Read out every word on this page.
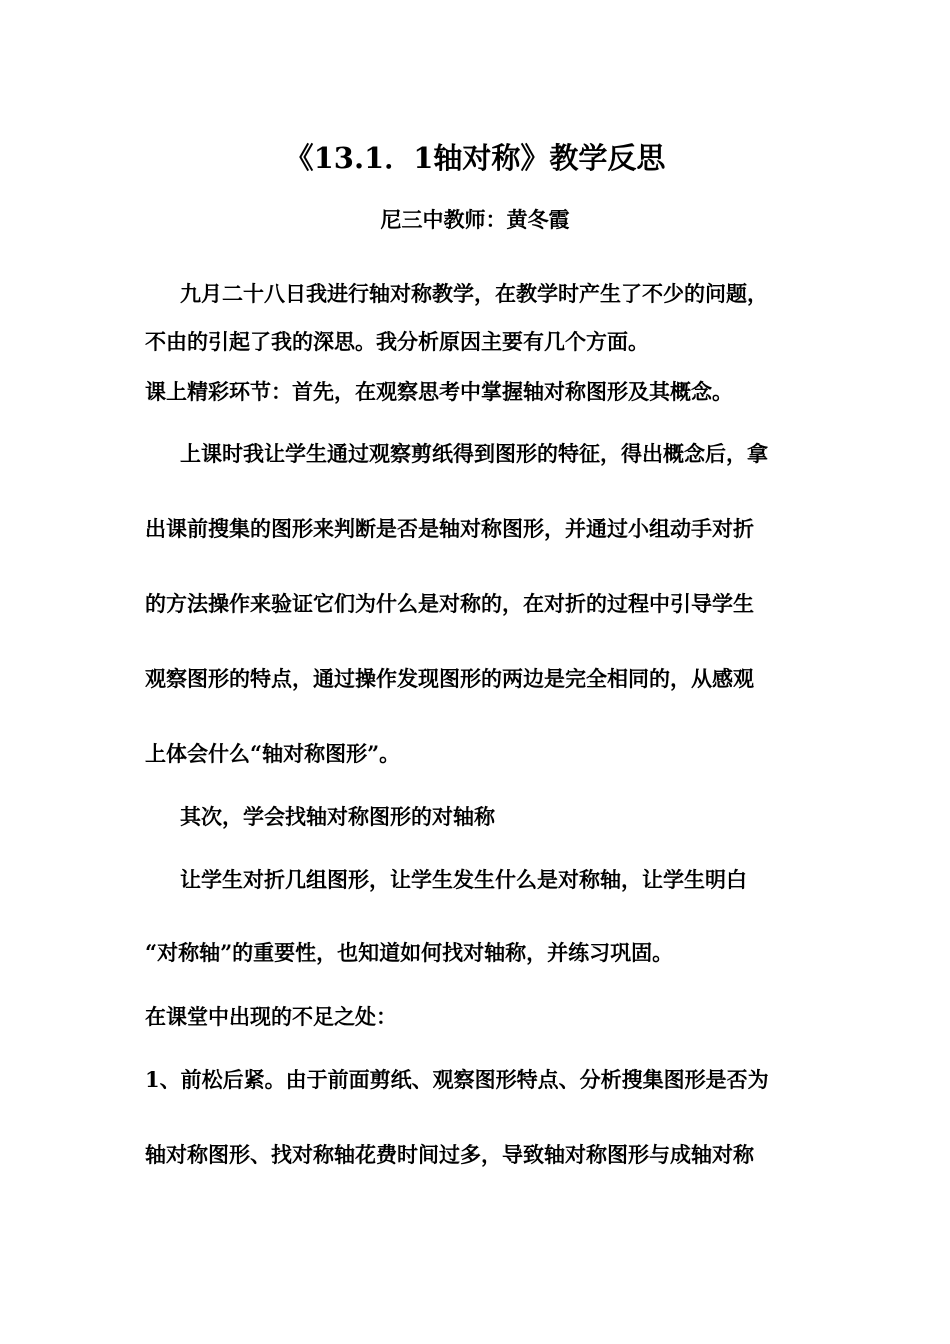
《13.1．1轴对称》教学反思
尼三中教师：黄冬霞
九月二十八日我进行轴对称教学，在教学时产生了不少的问题，
不由的引起了我的深思。我分析原因主要有几个方面。
课上精彩环节：首先，在观察思考中掌握轴对称图形及其概念。
上课时我让学生通过观察剪纸得到图形的特征，得出概念后，拿
出课前搜集的图形来判断是否是轴对称图形，并通过小组动手对折
的方法操作来验证它们为什么是对称的，在对折的过程中引导学生
观察图形的特点，通过操作发现图形的两边是完全相同的，从感观
上体会什么“轴对称图形”。
其次，学会找轴对称图形的对轴称
让学生对折几组图形，让学生发生什么是对称轴，让学生明白
“对称轴”的重要性，也知道如何找对轴称，并练习巩固。
在课堂中出现的不足之处：
1、前松后紧。由于前面剪纸、观察图形特点、分析搜集图形是否为
轴对称图形、找对称轴花费时间过多，导致轴对称图形与成轴对称
